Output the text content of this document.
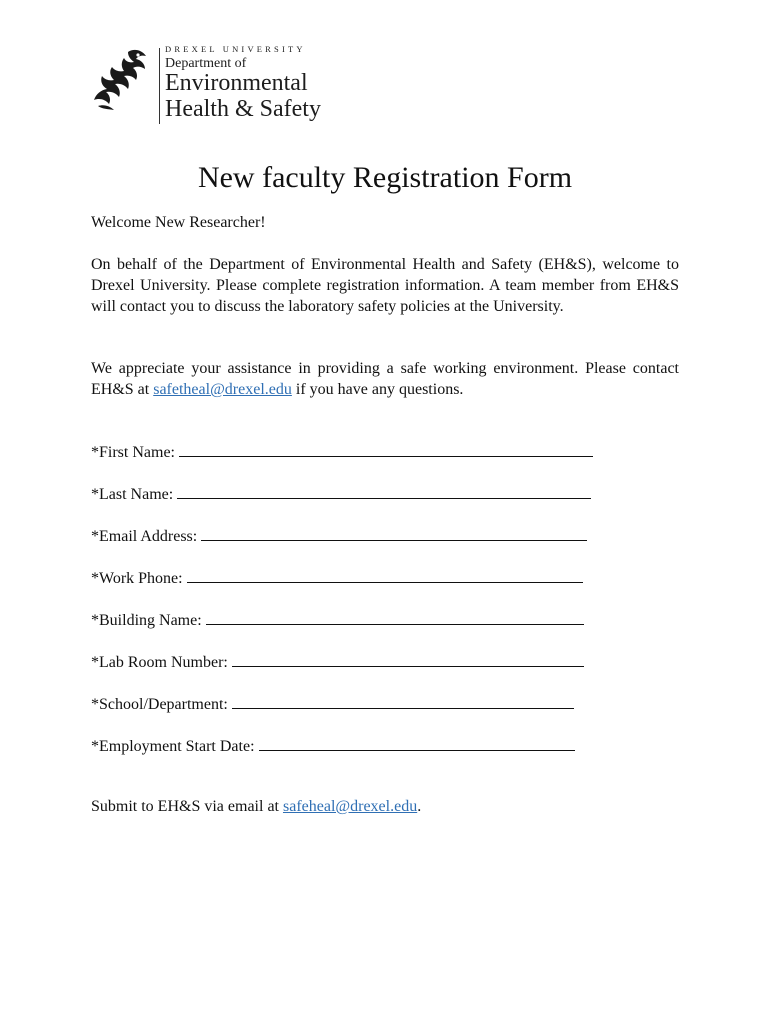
DREXEL UNIVERSITY
Department of
Environmental
Health & Safety
New faculty Registration Form
Welcome New Researcher!
On behalf of the Department of Environmental Health and Safety (EH&S), welcome to Drexel University. Please complete registration information. A team member from EH&S will contact you to discuss the laboratory safety policies at the University.
We appreciate your assistance in providing a safe working environment. Please contact EH&S at safetheal@drexel.edu if you have any questions.
*First Name:
*Last Name:
*Email Address:
*Work Phone:
*Building Name:
*Lab Room Number:
*School/Department:
*Employment Start Date:
Submit to EH&S via email at safeheal@drexel.edu.
